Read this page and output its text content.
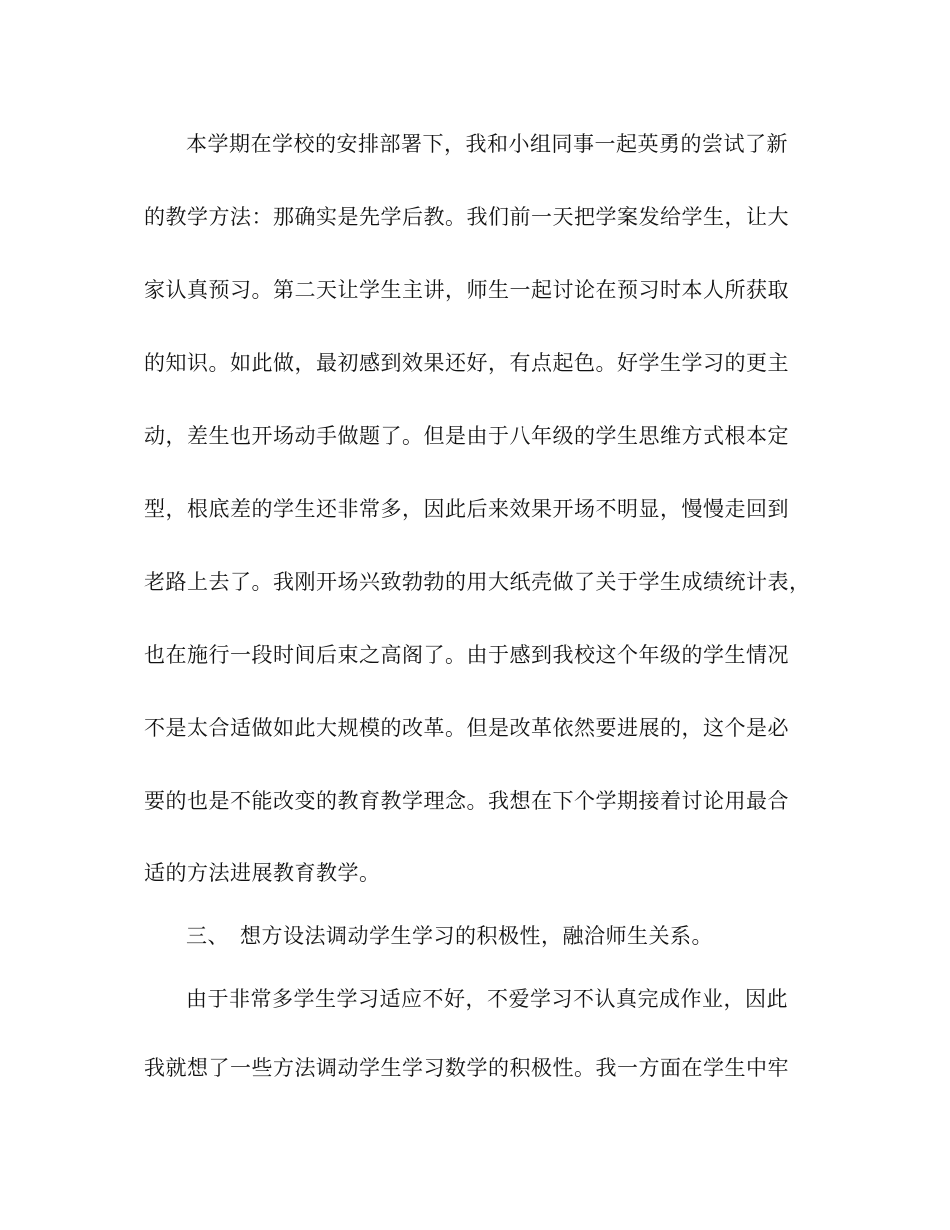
本学期在学校的安排部署下，我和小组同事一起英勇的尝试了新
的教学方法：那确实是先学后教。我们前一天把学案发给学生，让大
家认真预习。第二天让学生主讲，师生一起讨论在预习时本人所获取
的知识。如此做，最初感到效果还好，有点起色。好学生学习的更主
动，差生也开场动手做题了。但是由于八年级的学生思维方式根本定
型，根底差的学生还非常多，因此后来效果开场不明显，慢慢走回到
老路上去了。我刚开场兴致勃勃的用大纸壳做了关于学生成绩统计表，
也在施行一段时间后束之高阁了。由于感到我校这个年级的学生情况
不是太合适做如此大规模的改革。但是改革依然要进展的，这个是必
要的也是不能改变的教育教学理念。我想在下个学期接着讨论用最合
适的方法进展教育教学。
三、 想方设法调动学生学习的积极性，融洽师生关系。
由于非常多学生学习适应不好，不爱学习不认真完成作业，因此
我就想了一些方法调动学生学习数学的积极性。我一方面在学生中牢
